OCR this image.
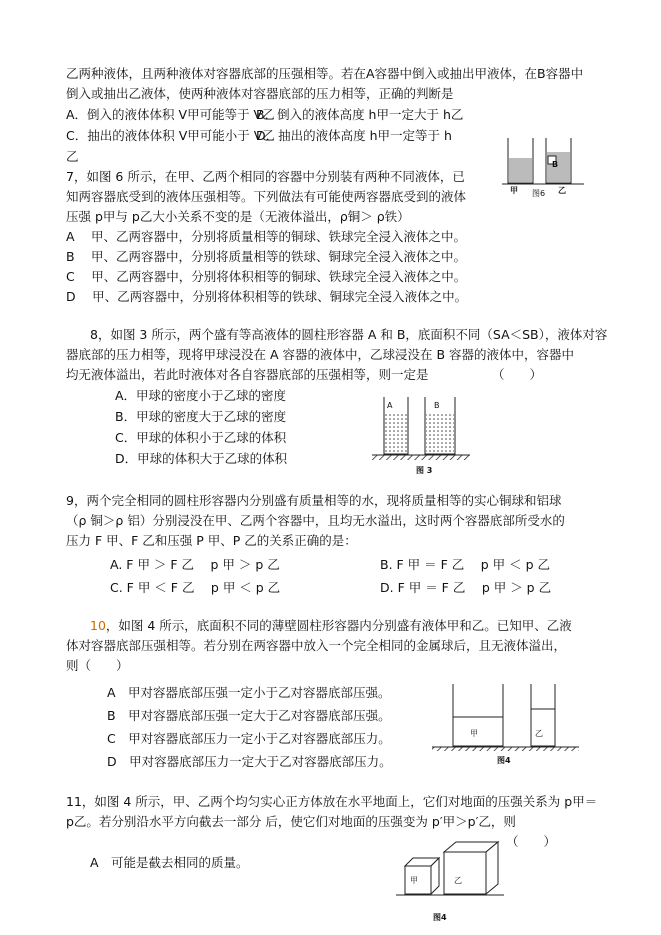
乙两种液体，且两种液体对容器底部的压强相等。若在A容器中倒入或抽出甲液体，在B容器中
倒入或抽出乙液体，使两种液体对容器底部的压力相等，正确的判断是
A．倒入的液体体积 V甲可能等于 V乙
B．倒入的液体高度 h甲一定大于 h乙
C．抽出的液体体积 V甲可能小于 V乙
D．抽出的液体高度 h甲一定等于 h
乙
甲
B
图6 乙
7，如图 6 所示，在甲、乙两个相同的容器中分别装有两种不同液体，已
知两容器底受到的液体压强相等。下列做法有可能使两容器底受到的液体
压强 p甲与 p乙大小关系不变的是（无液体溢出，ρ铜＞ ρ铁）
A　 甲、乙两容器中，分别将质量相等的铜球、铁球完全浸入液体之中。
B　 甲、乙两容器中，分别将质量相等的铁球、铜球完全浸入液体之中。
C　 甲、乙两容器中，分别将体积相等的铜球、铁球完全浸入液体之中。
D　 甲、乙两容器中，分别将体积相等的铁球、铜球完全浸入液体之中。
8，如图 3 所示，两个盛有等高液体的圆柱形容器 A 和 B，底面积不同（SA＜SB），液体对容
器底部的压力相等，现将甲球浸没在 A 容器的液体中，乙球浸没在 B 容器的液体中，容器中
均无液体溢出，若此时液体对各自容器底部的压强相等，则一定是	（　　）
A．甲球的密度小于乙球的密度
B．甲球的密度大于乙球的密度
C．甲球的体积小于乙球的体积
D．甲球的体积大于乙球的体积
A	B
图 3
9，两个完全相同的圆柱形容器内分别盛有质量相等的水，现将质量相等的实心铜球和铝球
（ρ 铜＞ρ 铝）分别浸没在甲、乙两个容器中，且均无水溢出，这时两个容器底部所受水的
压力 F 甲、F 乙和压强 P 甲、P 乙的关系正确的是：
A. F 甲 ＞ F 乙　 p 甲 ＞ p 乙	B. F 甲 ＝ F 乙　 p 甲 ＜ p 乙
C. F 甲 ＜ F 乙　 p 甲 ＜ p 乙	D. F 甲 ＝ F 乙　 p 甲 ＞ p 乙
10，如图 4 所示，底面积不同的薄壁圆柱形容器内分别盛有液体甲和乙。已知甲、乙液
体对容器底部压强相等。若分别在两容器中放入一个完全相同的金属球后，且无液体溢出，
则（　　）
A　甲对容器底部压强一定小于乙对容器底部压强。
B　甲对容器底部压强一定大于乙对容器底部压强。
C　甲对容器底部压力一定小于乙对容器底部压力。
D　甲对容器底部压力一定大于乙对容器底部压力。
甲	乙
图4
11，如图 4 所示，甲、乙两个均匀实心正方体放在水平地面上，它们对地面的压强关系为 p甲＝
p乙。若分别沿水平方向截去一部分 后，使它们对地面的压强变为 p′甲＞p′乙，则
（　　）
A　可能是截去相同的质量。
甲	乙
图4
